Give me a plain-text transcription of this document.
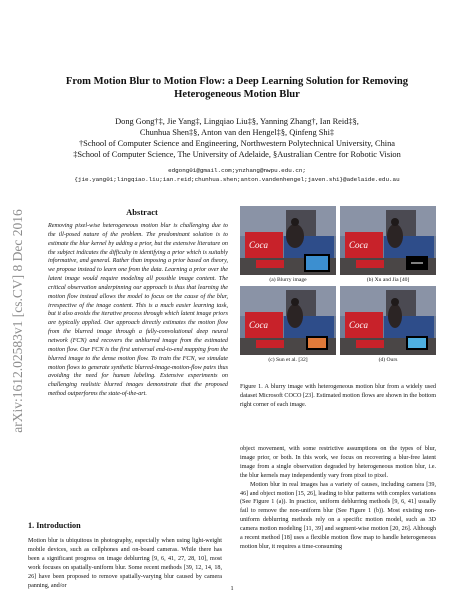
arXiv:1612.02583v1 [cs.CV] 8 Dec 2016
From Motion Blur to Motion Flow: a Deep Learning Solution for Removing Heterogeneous Motion Blur
Dong Gong†‡, Jie Yang‡, Lingqiao Liu‡§, Yanning Zhang†, Ian Reid‡§,
Chunhua Shen‡§, Anton van den Hengel‡§, Qinfeng Shi‡
†School of Computer Science and Engineering, Northwestern Polytechnical University, China
‡School of Computer Science, The University of Adelaide, §Australian Centre for Robotic Vision
edgong01@gmail.com;ynzhang@nwpu.edu.cn;
{jie.yang01;lingqiao.liu;ian.reid;chunhua.shen;anton.vandenhengel;javen.shi}@adelaide.edu.au
Abstract
Removing pixel-wise heterogeneous motion blur is challenging due to the ill-posed nature of the problem. The predominant solution is to estimate the blur kernel by adding a prior, but the extensive literature on the subject indicates the difficulty in identifying a prior which is suitably informative, and general. Rather than imposing a prior based on theory, we propose instead to learn one from the data. Learning a prior over the latent image would require modeling all possible image content. The critical observation underpinning our approach is thus that learning the motion flow instead allows the model to focus on the cause of the blur, irrespective of the image content. This is a much easier learning task, but it also avoids the iterative process through which latent image priors are typically applied. Our approach directly estimates the motion flow from the blurred image through a fully-convolutional deep neural network (FCN) and recovers the unblurred image from the estimated motion flow. Our FCN is the first universal end-to-end mapping from the blurred image to the dense motion flow. To train the FCN, we simulate motion flows to generate synthetic blurred-image-motion-flow pairs thus avoiding the need for human labeling. Extensive experiments on challenging realistic blurred images demonstrate that the proposed method outperforms the state-of-the-art.
1. Introduction
Motion blur is ubiquitous in photography, especially when using light-weight mobile devices, such as cellphones and on-board cameras. While there has been a significant progress on image deblurring [9, 6, 41, 27, 28, 10], most work focuses on spatially-uniform blur. Some recent methods [39, 12, 14, 18, 26] have been proposed to remove spatially-varying blur caused by camera panning, and/or
Coca	Coca
(a) Blurry image	(b) Xu and Jia [40]
Coca	Coca
(c) Sun et al. [32]	(d) Ours
Figure 1. A blurry image with heterogeneous motion blur from a widely used dataset Microsoft COCO [23]. Estimated motion flows are shown in the bottom right corner of each image.
object movement, with some restrictive assumptions on the types of blur, image prior, or both. In this work, we focus on recovering a blur-free latent image from a single observation degraded by heterogeneous motion blur, i.e. the blur kernels may independently vary from pixel to pixel.
Motion blur in real images has a variety of causes, including camera [39, 46] and object motion [15, 26], leading to blur patterns with complex variations (See Figure 1 (a)). In practice, uniform deblurring methods [9, 6, 41] usually fail to remove the non-uniform blur (See Figure 1 (b)). Most existing non-uniform deblurring methods rely on a specific motion model, such as 3D camera motion modeling [11, 39] and segment-wise motion [20, 26]. Although a recent method [18] uses a flexible motion flow map to handle heterogeneous motion blur, it requires a time-consuming
1
